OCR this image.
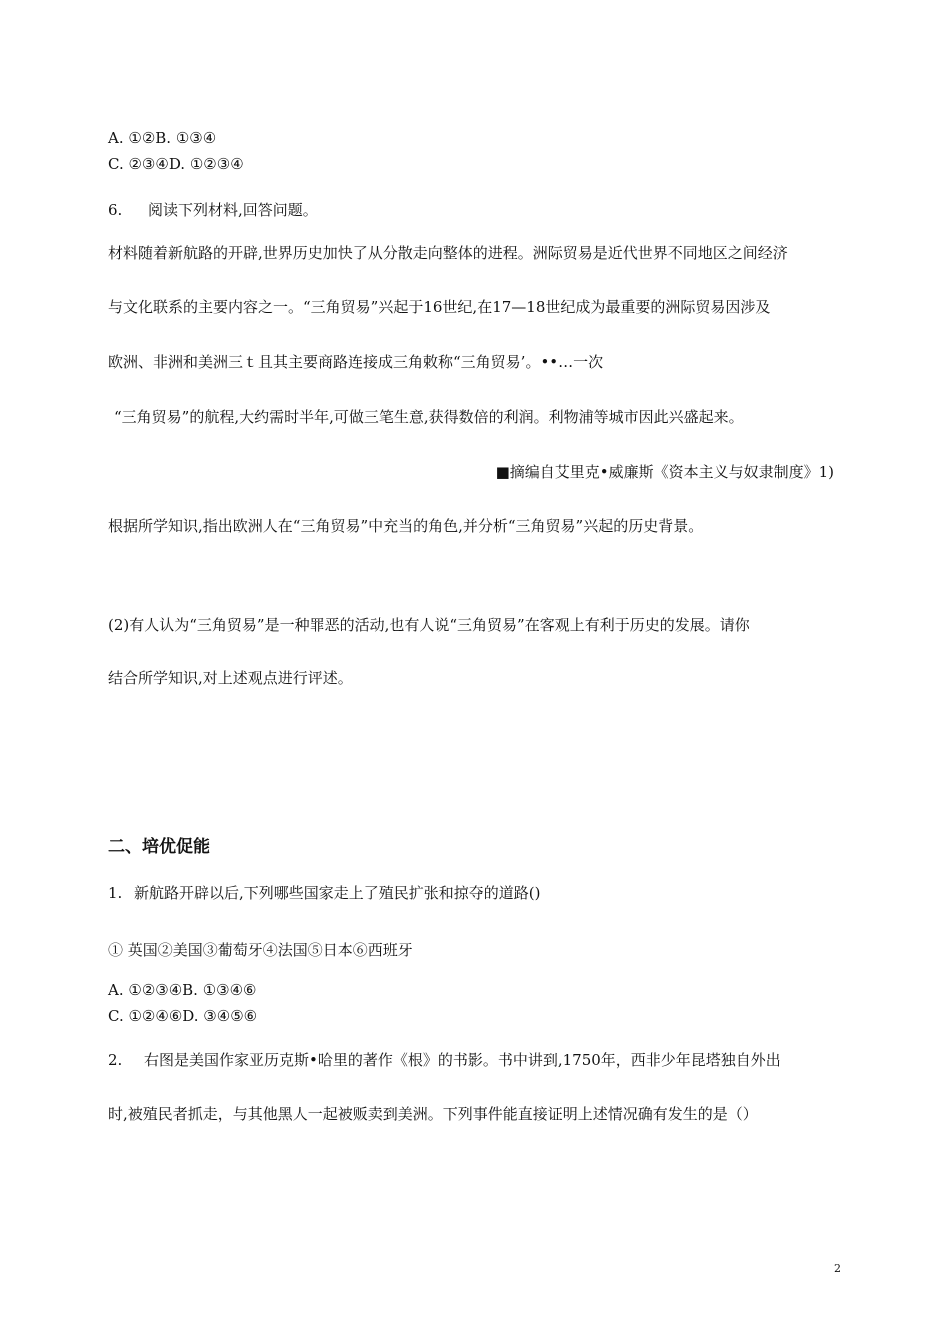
A. ①②B. ①③④
C. ②③④D. ①②③④
6. 阅读下列材料,回答问题。
材料随着新航路的开辟,世界历史加快了从分散走向整体的进程。洲际贸易是近代世界不同地区之间经济
与文化联系的主要内容之一。“三角贸易”兴起于16世纪,在17—18世纪成为最重要的洲际贸易因涉及
欧洲、非洲和美洲三ｔ且其主要商路连接成三角敕称“三角贸易’。••…一次
“三角贸易”的航程,大约需时半年,可做三笔生意,获得数倍的利润。利物浦等城市因此兴盛起来。
■摘编自艾里克•威廉斯《资本主义与奴隶制度》1)
根据所学知识,指出欧洲人在“三角贸易”中充当的角色,并分析“三角贸易”兴起的历史背景。
(2)有人认为“三角贸易”是一种罪恶的活动,也有人说“三角贸易”在客观上有利于历史的发展。请你
结合所学知识,对上述观点进行评述。
二、培优促能
1. 新航路开辟以后,下列哪些国家走上了殖民扩张和掠夺的道路()
① 英国②美国③葡萄牙④法国⑤日本⑥西班牙
A. ①②③④B. ①③④⑥
C. ①②④⑥D. ③④⑤⑥
2. 右图是美国作家亚历克斯•哈里的著作《根》的书影。书中讲到,1750年，西非少年昆塔独自外出
时,被殖民者抓走，与其他黑人一起被贩卖到美洲。下列事件能直接证明上述情况确有发生的是（）
2
